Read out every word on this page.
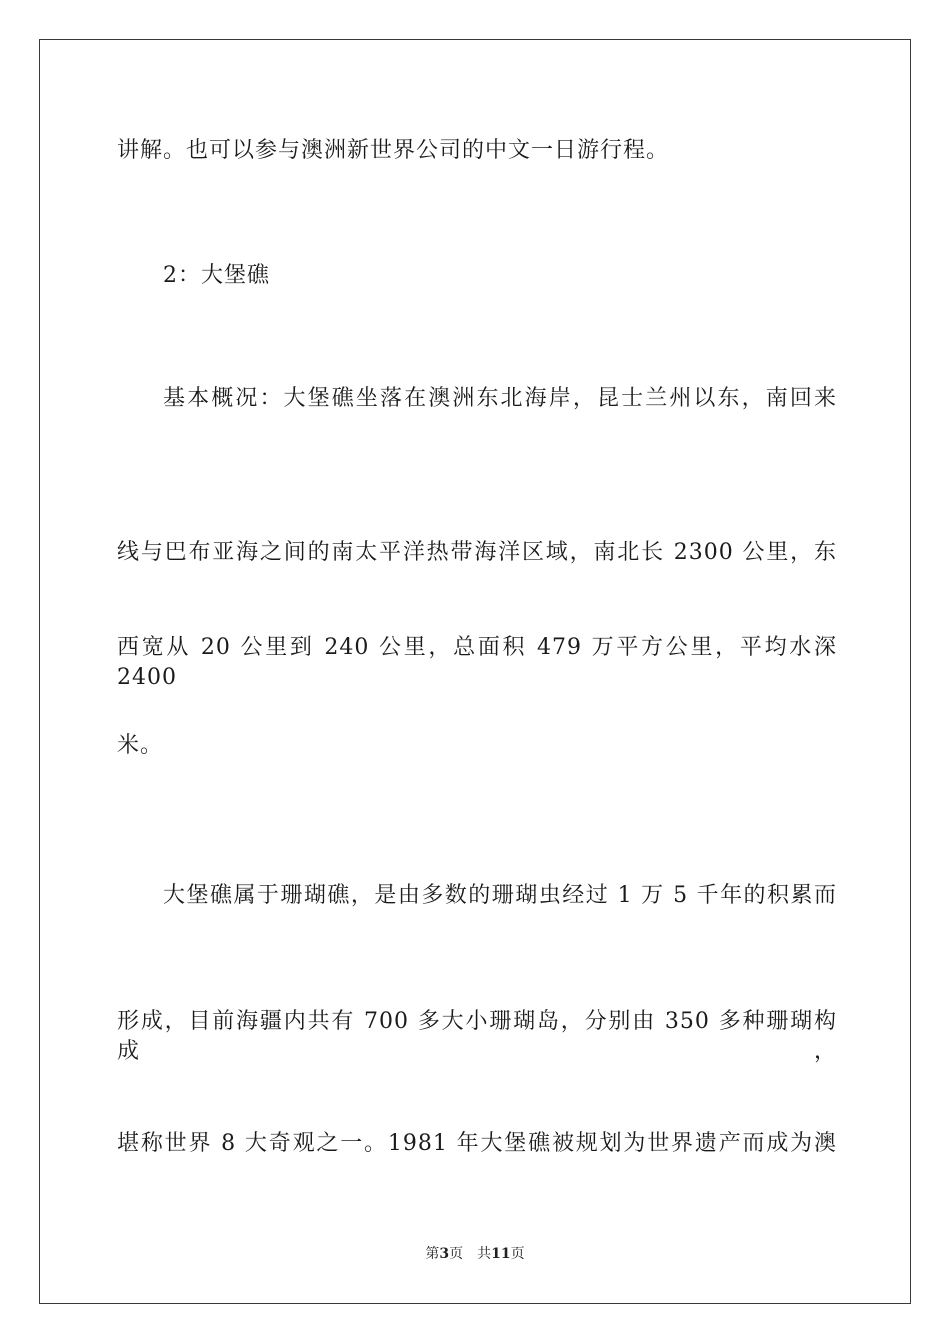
讲解。也可以参与澳洲新世界公司的中文一日游行程。
2：大堡礁
基本概况：大堡礁坐落在澳洲东北海岸，昆士兰州以东，南回来
线与巴布亚海之间的南太平洋热带海洋区域，南北长 2300 公里，东
西宽从 20 公里到 240 公里，总面积 479 万平方公里，平均水深 2400
米。
大堡礁属于珊瑚礁，是由多数的珊瑚虫经过 1 万 5 千年的积累而
形成，目前海疆内共有 700 多大小珊瑚岛，分别由 350 多种珊瑚构成，
堪称世界 8 大奇观之一。1981 年大堡礁被规划为世界遗产而成为澳
第3页 共11页
